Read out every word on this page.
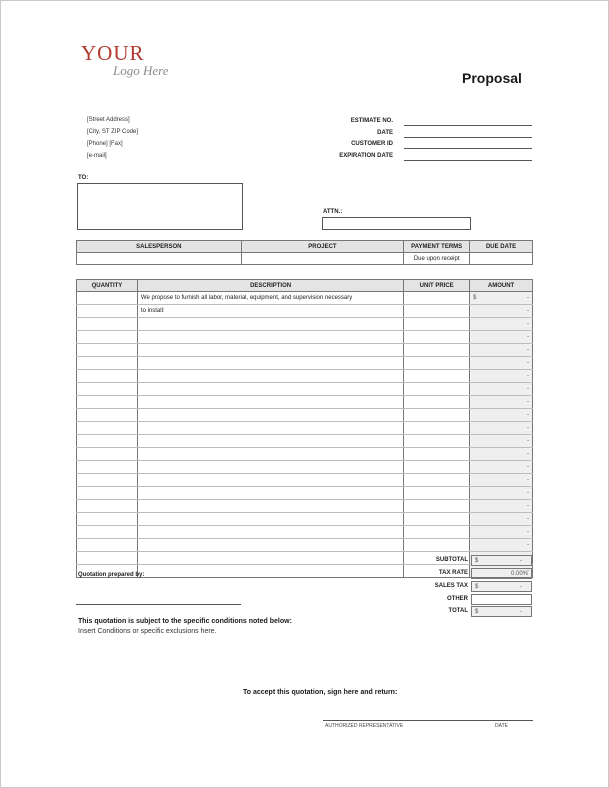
YOUR
Logo Here	Proposal
[Street Address]
[City, ST ZIP Code]
[Phone] [Fax]
[e-mail]
ESTIMATE NO.
DATE
CUSTOMER ID
EXPIRATION DATE
TO:
ATTN.:
SALESPERSON	PROJECT	PAYMENT TERMS	DUE DATE
		Due upon receipt	
QUANTITY	DESCRIPTION	UNIT PRICE	AMOUNT
	We propose to furnish all labor, material, equipment, and supervision necessary		$ -
	to install:		-
			-
			-
			-
			-
			-
			-
			-
			-
			-
			-
			-
			-
			-
			-
			-
			-
			-
			-

			-
SUBTOTAL $	-
TAX RATE	0.00%
SALES TAX $	-
OTHER
TOTAL $	-
Quotation prepared by:
This quotation is subject to the specific conditions noted below:
Insert Conditions or specific exclusions here.
To accept this quotation, sign here and return:
AUTHORIZED REPRESENTATIVE	DATE
